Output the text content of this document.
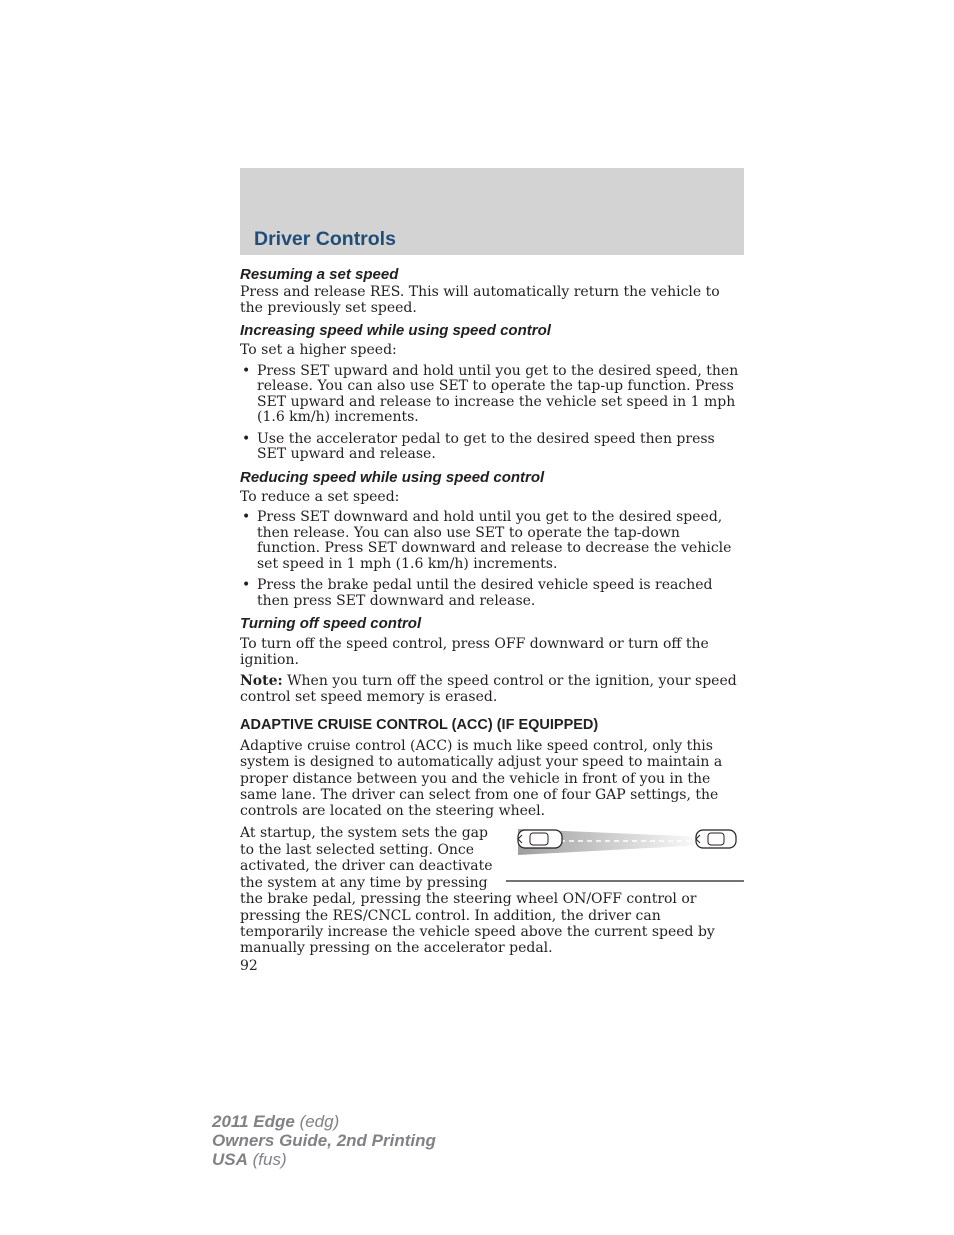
Driver Controls
Resuming a set speed

Press and release RES. This will automatically return the vehicle to the previously set speed.

Increasing speed while using speed control

To set a higher speed:

• Press SET upward and hold until you get to the desired speed, then release. You can also use SET to operate the tap-up function. Press SET upward and release to increase the vehicle set speed in 1 mph (1.6 km/h) increments.
• Use the accelerator pedal to get to the desired speed then press SET upward and release.
Reducing speed while using speed control

To reduce a set speed:

• Press SET downward and hold until you get to the desired speed, then release. You can also use SET to operate the tap-down function. Press SET downward and release to decrease the vehicle set speed in 1 mph (1.6 km/h) increments.
• Press the brake pedal until the desired vehicle speed is reached then press SET downward and release.
Turning off speed control

To turn off the speed control, press OFF downward or turn off the ignition.

Note: When you turn off the speed control or the ignition, your speed control set speed memory is erased.

ADAPTIVE CRUISE CONTROL (ACC) (IF EQUIPPED)

Adaptive cruise control (ACC) is much like speed control, only this system is designed to automatically adjust your speed to maintain a proper distance between you and the vehicle in front of you in the same lane. The driver can select from one of four GAP settings, the controls are located on the steering wheel.

At startup, the system sets the gap to the last selected setting. Once activated, the driver can deactivate the system at any time by pressing the brake pedal, pressing the steering wheel ON/OFF control or pressing the RES/CNCL control. In addition, the driver can temporarily increase the vehicle speed above the current speed by manually pressing on the accelerator pedal.

92
2011 Edge (edg)
Owners Guide, 2nd Printing
USA (fus)
